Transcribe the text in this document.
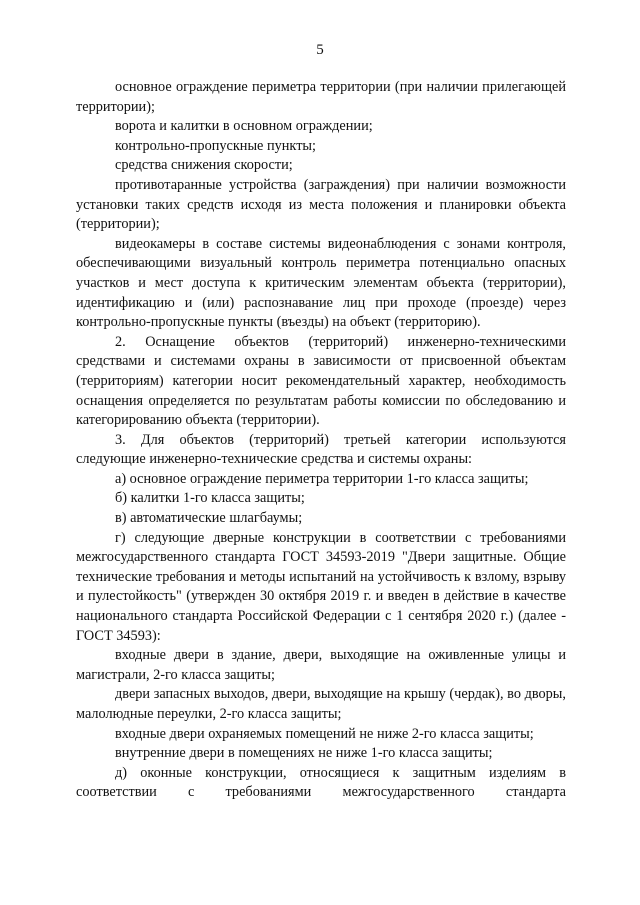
5

основное ограждение периметра территории (при наличии прилегающей территории);

ворота и калитки в основном ограждении;

контрольно-пропускные пункты;

средства снижения скорости;

противотаранные устройства (заграждения) при наличии возможности установки таких средств исходя из места положения и планировки объекта (территории);

видеокамеры в составе системы видеонаблюдения с зонами контроля, обеспечивающими визуальный контроль периметра потенциально опасных участков и мест доступа к критическим элементам объекта (территории), идентификацию и (или) распознавание лиц при проходе (проезде) через контрольно-пропускные пункты (въезды) на объект (территорию).

2. Оснащение объектов (территорий) инженерно-техническими средствами и системами охраны в зависимости от присвоенной объектам (территориям) категории носит рекомендательный характер, необходимость оснащения определяется по результатам работы комиссии по обследованию и категорированию объекта (территории).

3. Для объектов (территорий) третьей категории используются следующие инженерно-технические средства и системы охраны:

а) основное ограждение периметра территории 1-го класса защиты;

б) калитки 1-го класса защиты;

в) автоматические шлагбаумы;

г) следующие дверные конструкции в соответствии с требованиями межгосударственного стандарта ГОСТ 34593-2019 "Двери защитные. Общие технические требования и методы испытаний на устойчивость к взлому, взрыву и пулестойкость" (утвержден 30 октября 2019 г. и введен в действие в качестве национального стандарта Российской Федерации с 1 сентября 2020 г.) (далее - ГОСТ 34593):

входные двери в здание, двери, выходящие на оживленные улицы и магистрали, 2-го класса защиты;

двери запасных выходов, двери, выходящие на крышу (чердак), во дворы, малолюдные переулки, 2-го класса защиты;

входные двери охраняемых помещений не ниже 2-го класса защиты;

внутренние двери в помещениях не ниже 1-го класса защиты;

д) оконные конструкции, относящиеся к защитным изделиям в соответствии с требованиями межгосударственного стандарта
